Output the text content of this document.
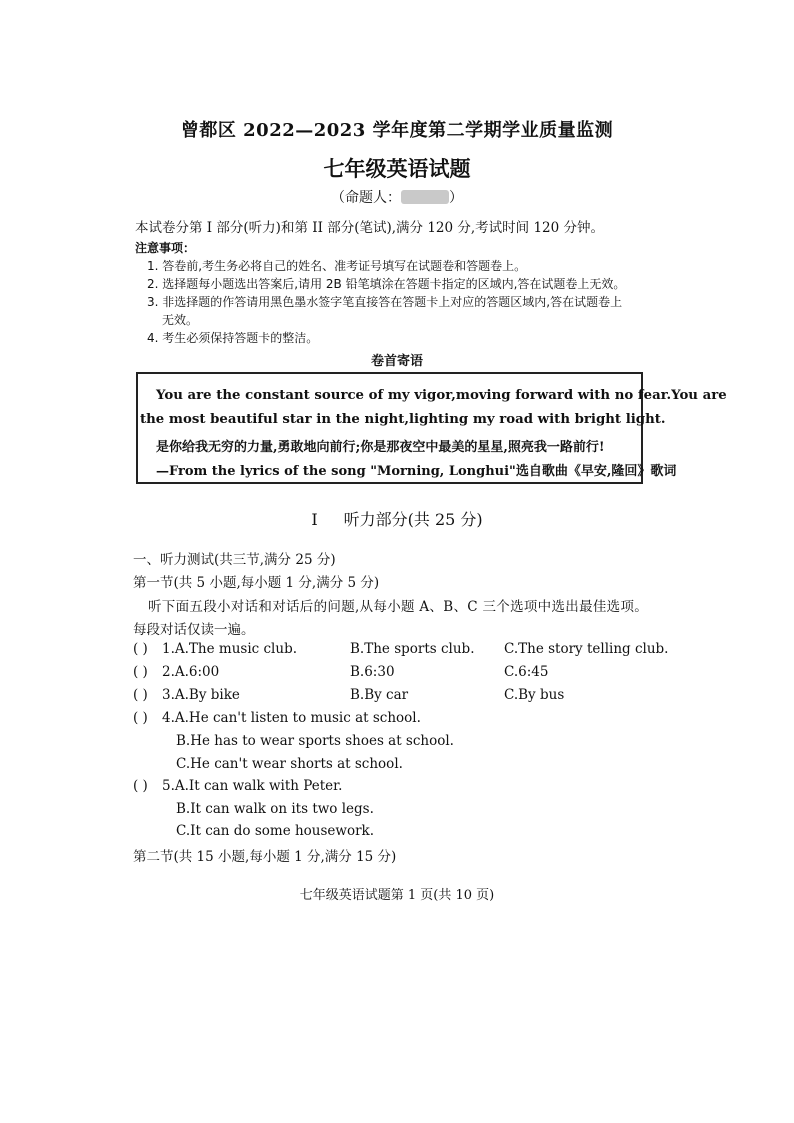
曾都区 2022—2023 学年度第二学期学业质量监测
七年级英语试题
（命题人：	）
本试卷分第 I 部分(听力)和第 II 部分(笔试),满分 120 分,考试时间 120 分钟。
注意事项：
1. 答卷前,考生务必将自己的姓名、准考证号填写在试题卷和答题卷上。
2. 选择题每小题选出答案后,请用 2B 铅笔填涂在答题卡指定的区域内,答在试题卷上无效。
3. 非选择题的作答请用黑色墨水签字笔直接答在答题卡上对应的答题区域内,答在试题卷上
无效。
4. 考生必须保持答题卡的整洁。
卷首寄语
You are the constant source of my vigor,moving forward with no fear.You are
the most beautiful star in the night,lighting my road with bright light.
是你给我无穷的力量,勇敢地向前行;你是那夜空中最美的星星,照亮我一路前行!
—From the lyrics of the song "Morning, Longhui"选自歌曲《早安,隆回》歌词
I 听力部分(共 25 分)
一、听力测试(共三节,满分 25 分)
第一节(共 5 小题,每小题 1 分,满分 5 分)
听下面五段小对话和对话后的问题,从每小题 A、B、C 三个选项中选出最佳选项。
每段对话仅读一遍。
( ) 1.A.The music club.	B.The sports club. C.The story telling club.
( ) 2.A.6:00	B.6:30	C.6:45
( ) 3.A.By bike	B.By car	C.By bus
( ) 4.A.He can't listen to music at school.
B.He has to wear sports shoes at school.
C.He can't wear shorts at school.
( ) 5.A.It can walk with Peter.
B.It can walk on its two legs.
C.It can do some housework.
第二节(共 15 小题,每小题 1 分,满分 15 分)
七年级英语试题第 1 页(共 10 页)
